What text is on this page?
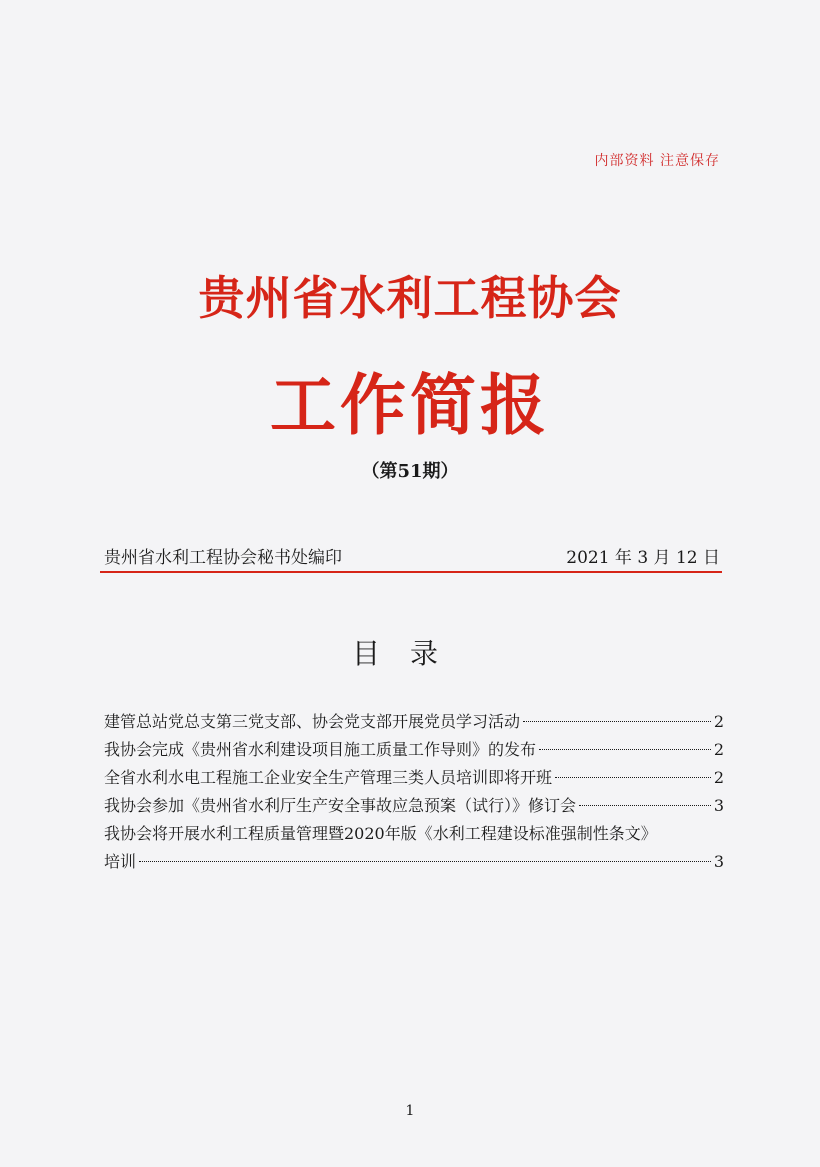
内部资料 注意保存
贵州省水利工程协会
工作简报
（第51期）
贵州省水利工程协会秘书处编印	2021 年 3 月 12 日
目录
建管总站党总支第三党支部、协会党支部开展党员学习活动	2
我协会完成《贵州省水利建设项目施工质量工作导则》的发布	2
全省水利水电工程施工企业安全生产管理三类人员培训即将开班	2
我协会参加《贵州省水利厅生产安全事故应急预案（试行）》修订会	3
我协会将开展水利工程质量管理暨2020年版《水利工程建设标准强制性条文》
培训	3
1
